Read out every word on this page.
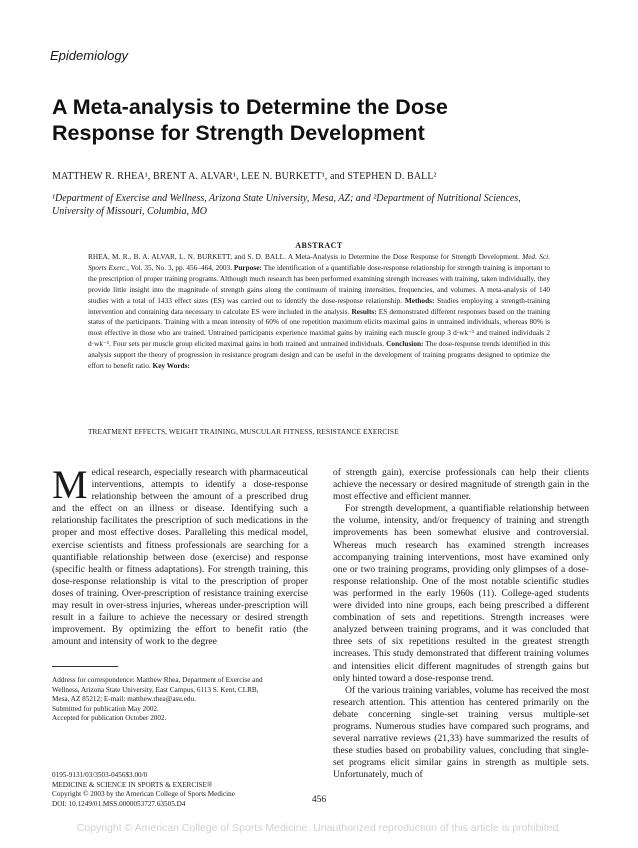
Epidemiology
A Meta-analysis to Determine the Dose
Response for Strength Development
MATTHEW R. RHEA¹, BRENT A. ALVAR¹, LEE N. BURKETT¹, and STEPHEN D. BALL²
¹Department of Exercise and Wellness, Arizona State University, Mesa, AZ; and ²Department of Nutritional Sciences,
University of Missouri, Columbia, MO
ABSTRACT
RHEA, M. R., B. A. ALVAR, L. N. BURKETT, and S. D. BALL. A Meta-Analysis to Determine the Dose Response for Strength Development. Med. Sci. Sports Exerc., Vol. 35, No. 3, pp. 456–464, 2003. Purpose: The identification of a quantifiable dose-response relationship for strength training is important to the prescription of proper training programs. Although much research has been performed examining strength increases with training, taken individually, they provide little insight into the magnitude of strength gains along the continuum of training intensities, frequencies, and volumes. A meta-analysis of 140 studies with a total of 1433 effect sizes (ES) was carried out to identify the dose-response relationship. Methods: Studies employing a strength-training intervention and containing data necessary to calculate ES were included in the analysis. Results: ES demonstrated different responses based on the training status of the participants. Training with a mean intensity of 60% of one repetition maximum elicits maximal gains in untrained individuals, whereas 80% is most effective in those who are trained. Untrained participants experience maximal gains by training each muscle group 3 d·wk⁻¹ and trained individuals 2 d·wk⁻¹. Four sets per muscle group elicited maximal gains in both trained and untrained individuals. Conclusion: The dose-response trends identified in this analysis support the theory of progression in resistance program design and can be useful in the development of training programs designed to optimize the effort to benefit ratio. Key Words:
TREATMENT EFFECTS, WEIGHT TRAINING, MUSCULAR FITNESS, RESISTANCE EXERCISE

Medical research, especially research with pharmaceutical interventions, attempts to identify a dose-response relationship between the amount of a prescribed drug and the effect on an illness or disease. Identifying such a relationship facilitates the prescription of such medications in the proper and most effective doses. Paralleling this medical model, exercise scientists and fitness professionals are searching for a quantifiable relationship between dose (exercise) and response (specific health or fitness adaptations). For strength training, this dose-response relationship is vital to the prescription of proper doses of training. Over-prescription of resistance training exercise may result in over-stress injuries, whereas under-prescription will result in a failure to achieve the necessary or desired strength improvement. By optimizing the effort to benefit ratio (the amount and intensity of work to the degree

of strength gain), exercise professionals can help their clients achieve the necessary or desired magnitude of strength gain in the most effective and efficient manner.

For strength development, a quantifiable relationship between the volume, intensity, and/or frequency of training and strength improvements has been somewhat elusive and controversial. Whereas much research has examined strength increases accompanying training interventions, most have examined only one or two training programs, providing only glimpses of a dose-response relationship. One of the most notable scientific studies was performed in the early 1960s (11). College-aged students were divided into nine groups, each being prescribed a different combination of sets and repetitions. Strength increases were analyzed between training programs, and it was concluded that three sets of six repetitions resulted in the greatest strength increases. This study demonstrated that different training volumes and intensities elicit different magnitudes of strength gains but only hinted toward a dose-response trend.

Of the various training variables, volume has received the most research attention. This attention has centered primarily on the debate concerning single-set training versus multiple-set programs. Numerous studies have compared such programs, and several narrative reviews (21,33) have summarized the results of these studies based on probability values, concluding that single-set programs elicit similar gains in strength as multiple sets. Unfortunately, much of

Address for correspondence: Matthew Rhea, Department of Exercise and
Wellness, Arizona State University, East Campus, 6113 S. Kent, CLRB,
Mesa, AZ 85212; E-mail: matthew.rhea@asu.edu.
Submitted for publication May 2002.
Accepted for publication October 2002.
0195-9131/03/3503-0456$3.00/0
MEDICINE & SCIENCE IN SPORTS & EXERCISE®
Copyright © 2003 by the American College of Sports Medicine
DOI: 10.1249/01.MSS.0000053727.63505.D4	456
Copyright © American College of Sports Medicine. Unauthorized reproduction of this article is prohibited.
